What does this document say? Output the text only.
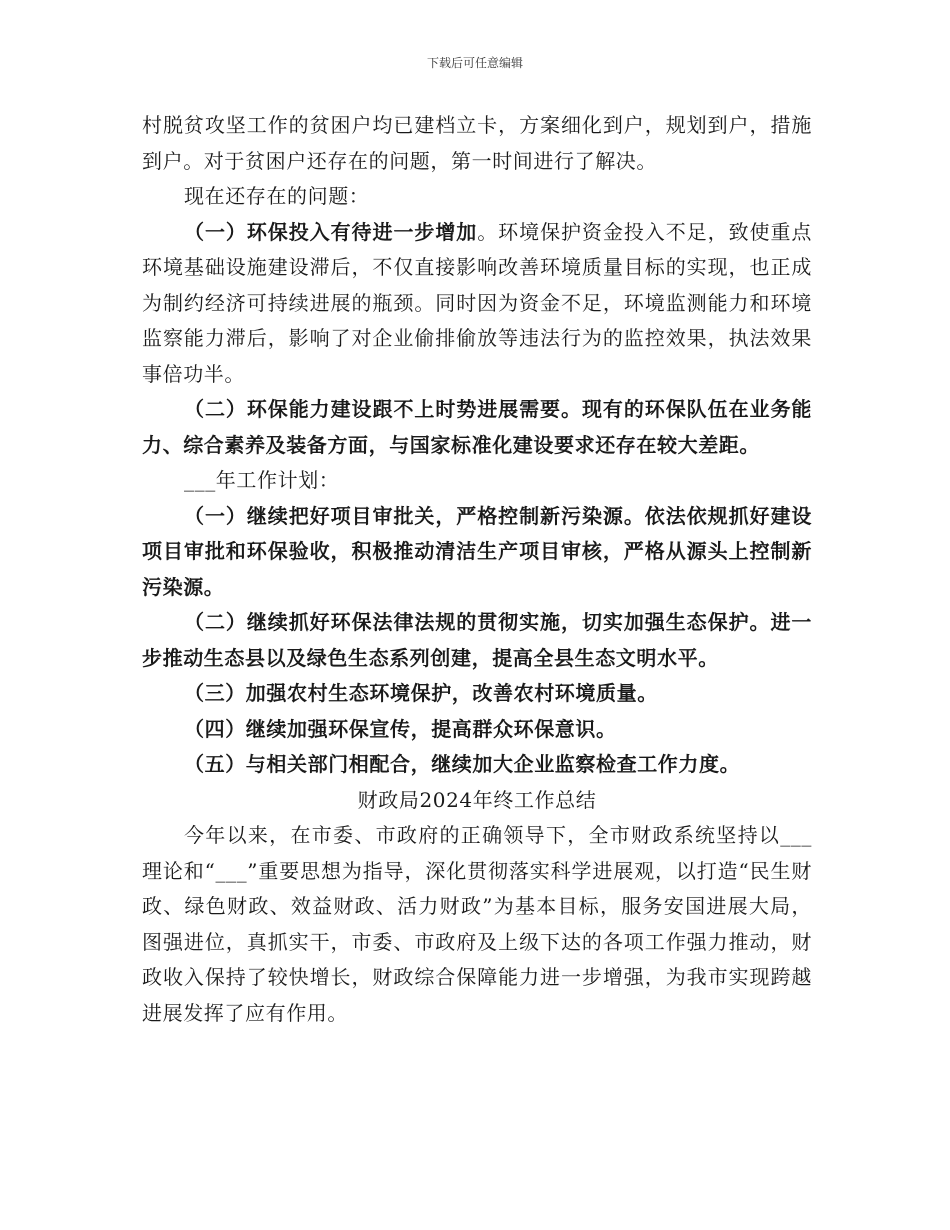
下载后可任意编辑

村脱贫攻坚工作的贫困户均已建档立卡，方案细化到户，规划到户，措施到户。对于贫困户还存在的问题，第一时间进行了解决。

现在还存在的问题：

（一）环保投入有待进一步增加。环境保护资金投入不足，致使重点环境基础设施建设滞后，不仅直接影响改善环境质量目标的实现，也正成为制约经济可持续进展的瓶颈。同时因为资金不足，环境监测能力和环境监察能力滞后，影响了对企业偷排偷放等违法行为的监控效果，执法效果事倍功半。

（二）环保能力建设跟不上时势进展需要。现有的环保队伍在业务能力、综合素养及装备方面，与国家标准化建设要求还存在较大差距。

___年工作计划：

（一）继续把好项目审批关，严格控制新污染源。依法依规抓好建设项目审批和环保验收，积极推动清洁生产项目审核，严格从源头上控制新污染源。

（二）继续抓好环保法律法规的贯彻实施，切实加强生态保护。进一步推动生态县以及绿色生态系列创建，提高全县生态文明水平。

（三）加强农村生态环境保护，改善农村环境质量。

（四）继续加强环保宣传，提高群众环保意识。

（五）与相关部门相配合，继续加大企业监察检查工作力度。

财政局2024年终工作总结

今年以来，在市委、市政府的正确领导下，全市财政系统坚持以___理论和“___”重要思想为指导，深化贯彻落实科学进展观，以打造“民生财政、绿色财政、效益财政、活力财政”为基本目标，服务安国进展大局，图强进位，真抓实干，市委、市政府及上级下达的各项工作强力推动，财政收入保持了较快增长，财政综合保障能力进一步增强，为我市实现跨越进展发挥了应有作用。
